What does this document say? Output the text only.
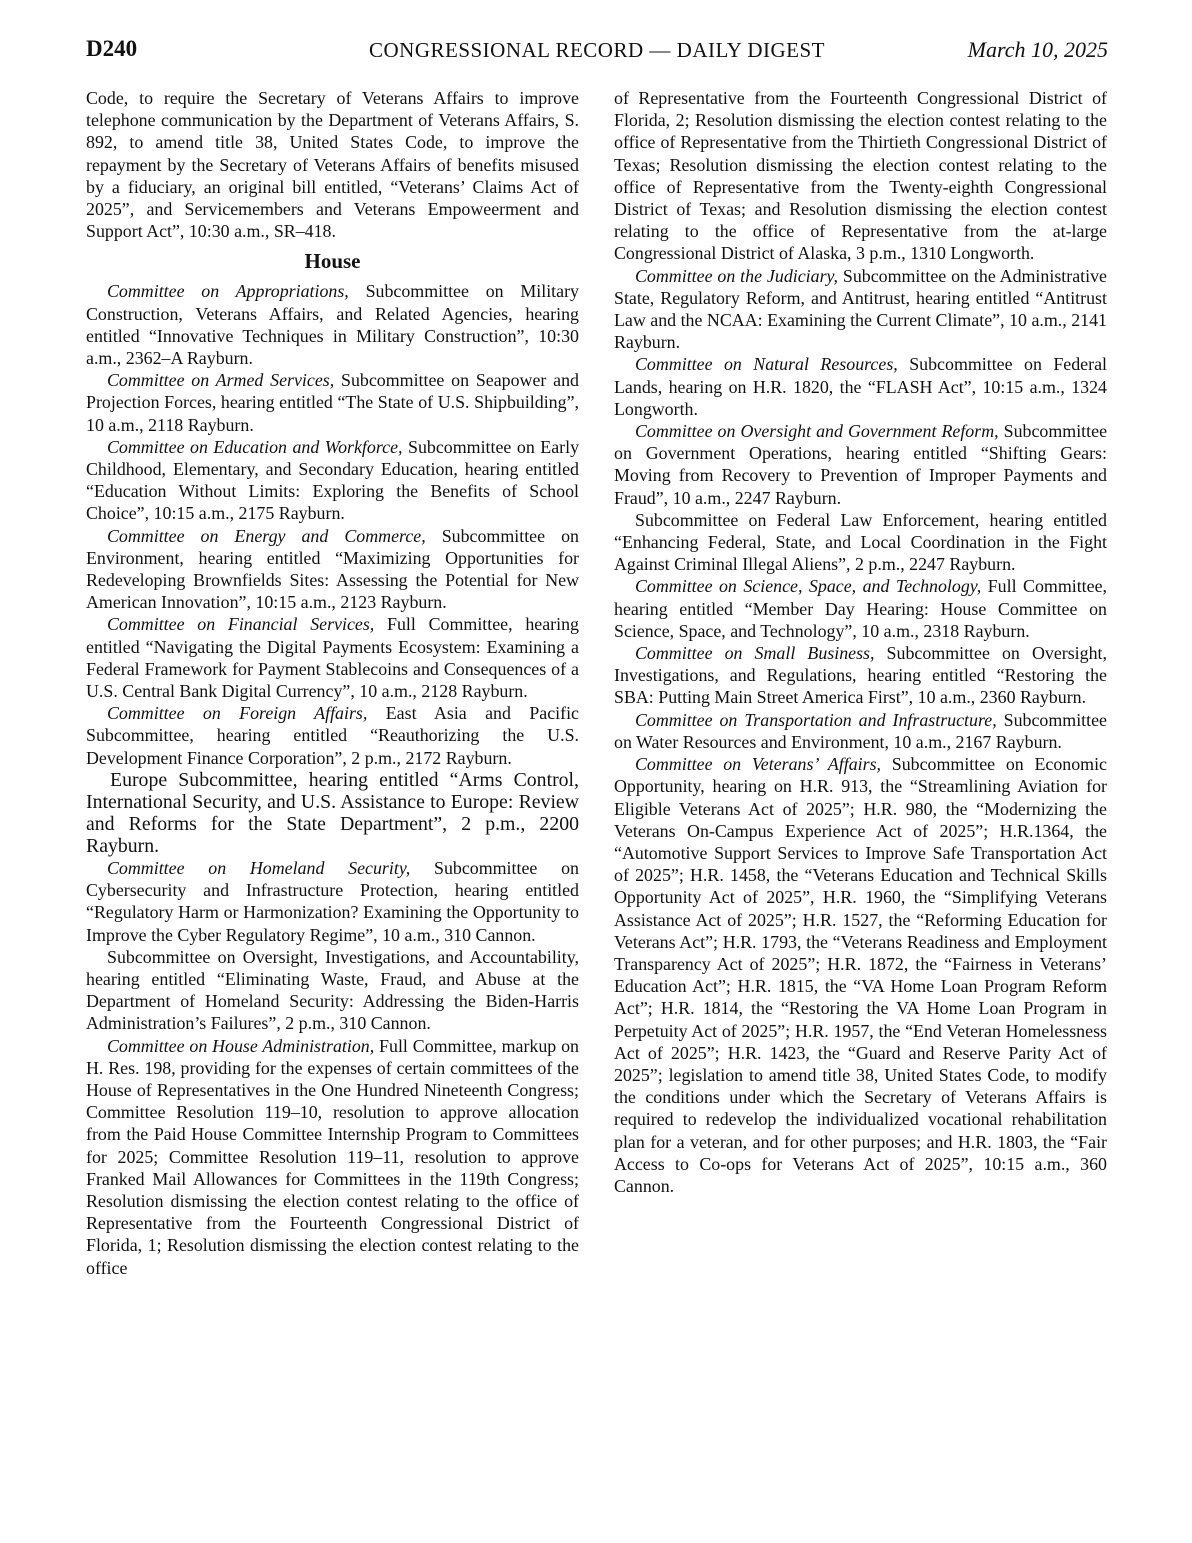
D240	CONGRESSIONAL RECORD — DAILY DIGEST	March 10, 2025

Code, to require the Secretary of Veterans Affairs to improve telephone communication by the Department of Veterans Affairs, S. 892, to amend title 38, United States Code, to improve the repayment by the Secretary of Veterans Affairs of benefits misused by a fiduciary, an original bill entitled, “Veterans’ Claims Act of 2025”, and Servicemembers and Veterans Empoweerment and Support Act”, 10:30 a.m., SR–418.

House

Committee on Appropriations, Subcommittee on Military Construction, Veterans Affairs, and Related Agencies, hearing entitled “Innovative Techniques in Military Construction”, 10:30 a.m., 2362–A Rayburn.

Committee on Armed Services, Subcommittee on Seapower and Projection Forces, hearing entitled “The State of U.S. Shipbuilding”, 10 a.m., 2118 Rayburn.

Committee on Education and Workforce, Subcommittee on Early Childhood, Elementary, and Secondary Education, hearing entitled “Education Without Limits: Exploring the Benefits of School Choice”, 10:15 a.m., 2175 Rayburn.

Committee on Energy and Commerce, Subcommittee on Environment, hearing entitled “Maximizing Opportunities for Redeveloping Brownfields Sites: Assessing the Potential for New American Innovation”, 10:15 a.m., 2123 Rayburn.

Committee on Financial Services, Full Committee, hearing entitled “Navigating the Digital Payments Ecosystem: Examining a Federal Framework for Payment Stablecoins and Consequences of a U.S. Central Bank Digital Currency”, 10 a.m., 2128 Rayburn.

Committee on Foreign Affairs, East Asia and Pacific Subcommittee, hearing entitled “Reauthorizing the U.S. Development Finance Corporation”, 2 p.m., 2172 Rayburn.

Europe Subcommittee, hearing entitled “Arms Control, International Security, and U.S. Assistance to Europe: Review and Reforms for the State Department”, 2 p.m., 2200 Rayburn.

Committee on Homeland Security, Subcommittee on Cybersecurity and Infrastructure Protection, hearing entitled “Regulatory Harm or Harmonization? Examining the Opportunity to Improve the Cyber Regulatory Regime”, 10 a.m., 310 Cannon.

Subcommittee on Oversight, Investigations, and Accountability, hearing entitled “Eliminating Waste, Fraud, and Abuse at the Department of Homeland Security: Addressing the Biden-Harris Administration’s Failures”, 2 p.m., 310 Cannon.

Committee on House Administration, Full Committee, markup on H. Res. 198, providing for the expenses of certain committees of the House of Representatives in the One Hundred Nineteenth Congress; Committee Resolution 119–10, resolution to approve allocation from the Paid House Committee Internship Program to Committees for 2025; Committee Resolution 119–11, resolution to approve Franked Mail Allowances for Committees in the 119th Congress; Resolution dismissing the election contest relating to the office of Representative from the Fourteenth Congressional District of Florida, 1; Resolution dismissing the election contest relating to the office

of Representative from the Fourteenth Congressional District of Florida, 2; Resolution dismissing the election contest relating to the office of Representative from the Thirtieth Congressional District of Texas; Resolution dismissing the election contest relating to the office of Representative from the Twenty-eighth Congressional District of Texas; and Resolution dismissing the election contest relating to the office of Representative from the at-large Congressional District of Alaska, 3 p.m., 1310 Longworth.

Committee on the Judiciary, Subcommittee on the Administrative State, Regulatory Reform, and Antitrust, hearing entitled “Antitrust Law and the NCAA: Examining the Current Climate”, 10 a.m., 2141 Rayburn.

Committee on Natural Resources, Subcommittee on Federal Lands, hearing on H.R. 1820, the “FLASH Act”, 10:15 a.m., 1324 Longworth.

Committee on Oversight and Government Reform, Subcommittee on Government Operations, hearing entitled “Shifting Gears: Moving from Recovery to Prevention of Improper Payments and Fraud”, 10 a.m., 2247 Rayburn.

Subcommittee on Federal Law Enforcement, hearing entitled “Enhancing Federal, State, and Local Coordination in the Fight Against Criminal Illegal Aliens”, 2 p.m., 2247 Rayburn.

Committee on Science, Space, and Technology, Full Committee, hearing entitled “Member Day Hearing: House Committee on Science, Space, and Technology”, 10 a.m., 2318 Rayburn.

Committee on Small Business, Subcommittee on Oversight, Investigations, and Regulations, hearing entitled “Restoring the SBA: Putting Main Street America First”, 10 a.m., 2360 Rayburn.

Committee on Transportation and Infrastructure, Subcommittee on Water Resources and Environment, 10 a.m., 2167 Rayburn.

Committee on Veterans’ Affairs, Subcommittee on Economic Opportunity, hearing on H.R. 913, the “Streamlining Aviation for Eligible Veterans Act of 2025”; H.R. 980, the “Modernizing the Veterans On-Campus Experience Act of 2025”; H.R.1364, the “Automotive Support Services to Improve Safe Transportation Act of 2025”; H.R. 1458, the “Veterans Education and Technical Skills Opportunity Act of 2025”, H.R. 1960, the “Simplifying Veterans Assistance Act of 2025”; H.R. 1527, the “Reforming Education for Veterans Act”; H.R. 1793, the “Veterans Readiness and Employment Transparency Act of 2025”; H.R. 1872, the “Fairness in Veterans’ Education Act”; H.R. 1815, the “VA Home Loan Program Reform Act”; H.R. 1814, the “Restoring the VA Home Loan Program in Perpetuity Act of 2025”; H.R. 1957, the “End Veteran Homelessness Act of 2025”; H.R. 1423, the “Guard and Reserve Parity Act of 2025”; legislation to amend title 38, United States Code, to modify the conditions under which the Secretary of Veterans Affairs is required to redevelop the individualized vocational rehabilitation plan for a veteran, and for other purposes; and H.R. 1803, the “Fair Access to Co-ops for Veterans Act of 2025”, 10:15 a.m., 360 Cannon.
